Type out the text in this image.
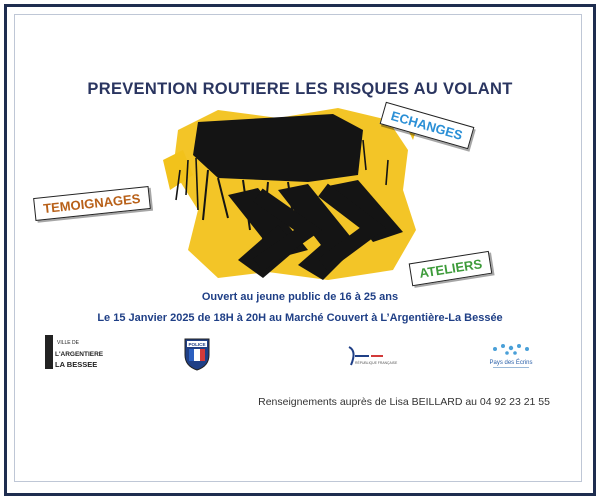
PREVENTION ROUTIERE LES RISQUES AU VOLANT
ECHANGES
TEMOIGNAGES
ATELIERS
Ouvert au jeune public de 16 à 25 ans
Le 15 Janvier 2025 de 18H à 20H au Marché Couvert à L’Argentière-La Bessée
VILLE DE
L'ARGENTIERE
LA BESSEE
POLICE
RÉPUBLIQUE FRANÇAISE	Pays des Écrins
Renseignements auprès de Lisa BEILLARD au 04 92 23 21 55
